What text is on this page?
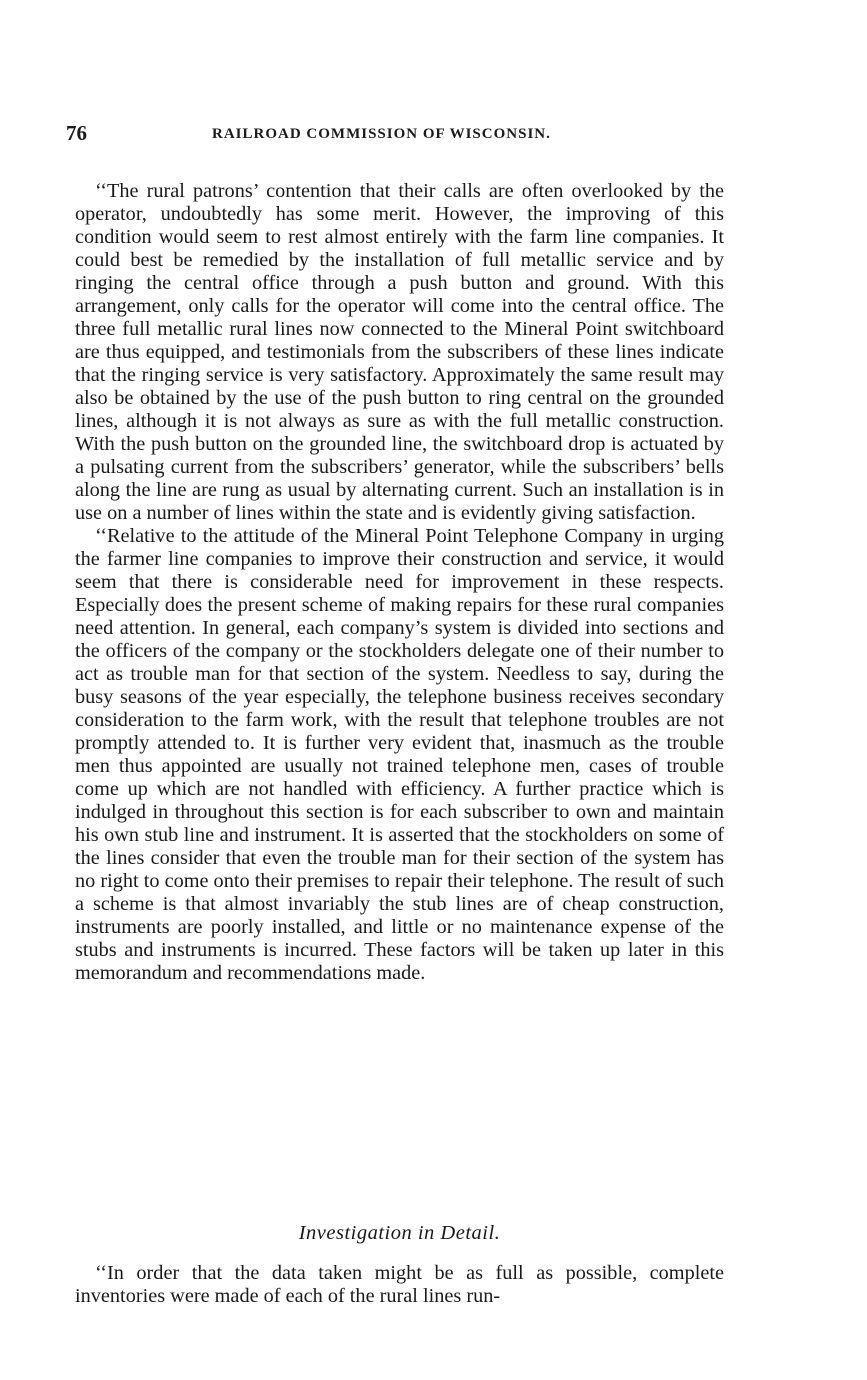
76	RAILROAD COMMISSION OF WISCONSIN.

‘‘The rural patrons’ contention that their calls are often overlooked by the operator, undoubtedly has some merit. However, the improving of this condition would seem to rest almost entirely with the farm line companies. It could best be remedied by the installation of full metallic service and by ringing the central office through a push button and ground. With this arrangement, only calls for the operator will come into the central office. The three full metallic rural lines now connected to the Mineral Point switchboard are thus equipped, and testimonials from the subscribers of these lines indicate that the ringing service is very satisfactory. Approximately the same result may also be obtained by the use of the push button to ring central on the grounded lines, although it is not always as sure as with the full metallic construction. With the push button on the grounded line, the switchboard drop is actuated by a pulsating current from the subscribers’ generator, while the subscribers’ bells along the line are rung as usual by alternating current. Such an installation is in use on a number of lines within the state and is evidently giving satisfaction.

‘‘Relative to the attitude of the Mineral Point Telephone Company in urging the farmer line companies to improve their construction and service, it would seem that there is considerable need for improvement in these respects. Especially does the present scheme of making repairs for these rural companies need attention. In general, each company’s system is divided into sections and the officers of the company or the stockholders delegate one of their number to act as trouble man for that section of the system. Needless to say, during the busy seasons of the year especially, the telephone business receives secondary consideration to the farm work, with the result that telephone troubles are not promptly attended to. It is further very evident that, inasmuch as the trouble men thus appointed are usually not trained telephone men, cases of trouble come up which are not handled with efficiency. A further practice which is indulged in throughout this section is for each subscriber to own and maintain his own stub line and instrument. It is asserted that the stockholders on some of the lines consider that even the trouble man for their section of the system has no right to come onto their premises to repair their telephone. The result of such a scheme is that almost invariably the stub lines are of cheap construction, instruments are poorly installed, and little or no maintenance expense of the stubs and instruments is incurred. These factors will be taken up later in this memorandum and recommendations made.

Investigation in Detail.

‘‘In order that the data taken might be as full as possible, complete inventories were made of each of the rural lines run-
